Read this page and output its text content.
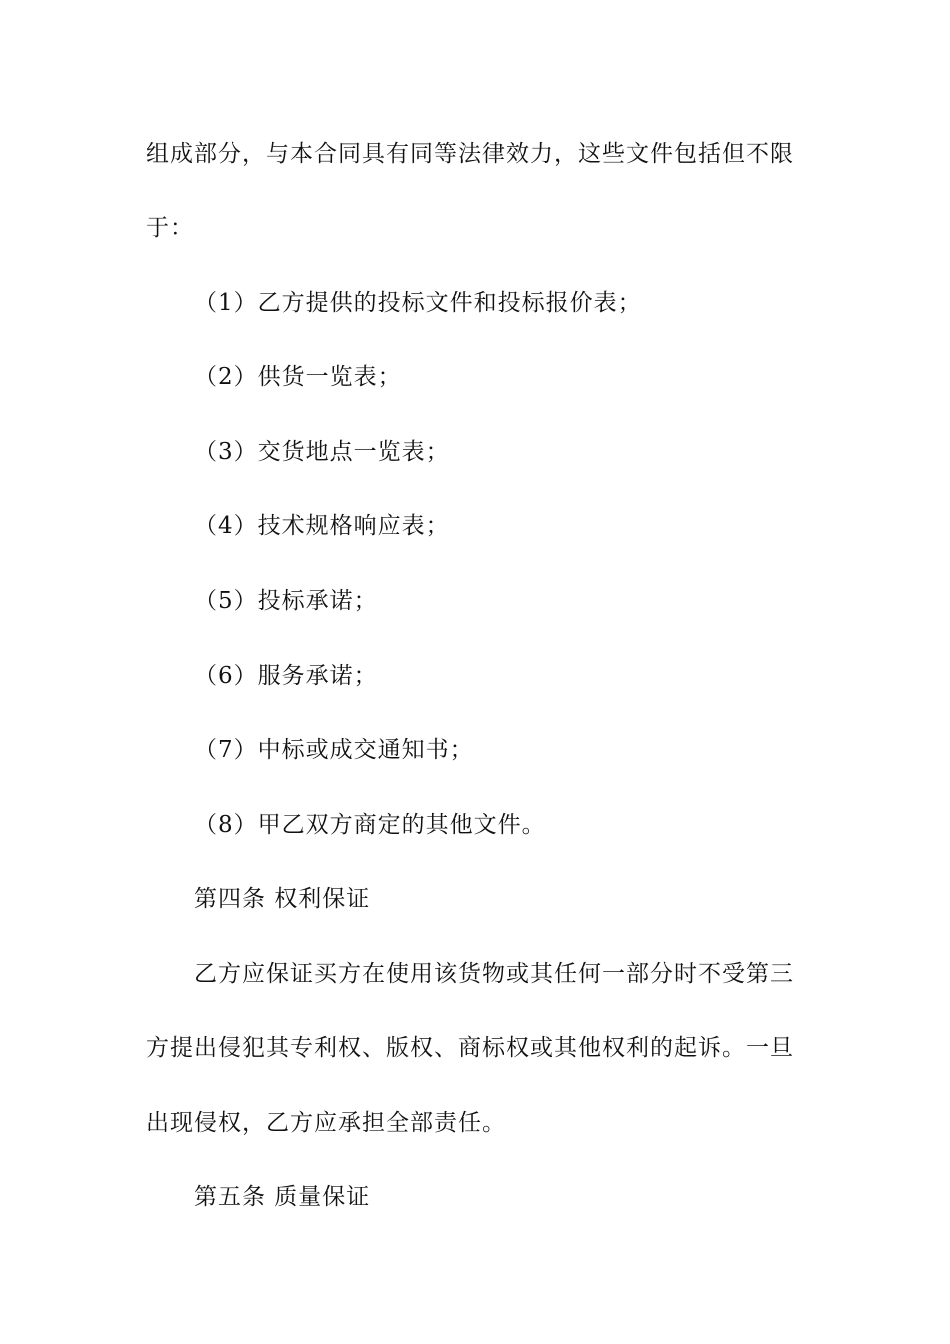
组成部分，与本合同具有同等法律效力，这些文件包括但不限
于：
（1）乙方提供的投标文件和投标报价表；
（2）供货一览表；
（3）交货地点一览表；
（4）技术规格响应表；
（5）投标承诺；
（6）服务承诺；
（7）中标或成交通知书；
（8）甲乙双方商定的其他文件。
第四条 权利保证
乙方应保证买方在使用该货物或其任何一部分时不受第三
方提出侵犯其专利权、版权、商标权或其他权利的起诉。一旦
出现侵权，乙方应承担全部责任。
第五条 质量保证
